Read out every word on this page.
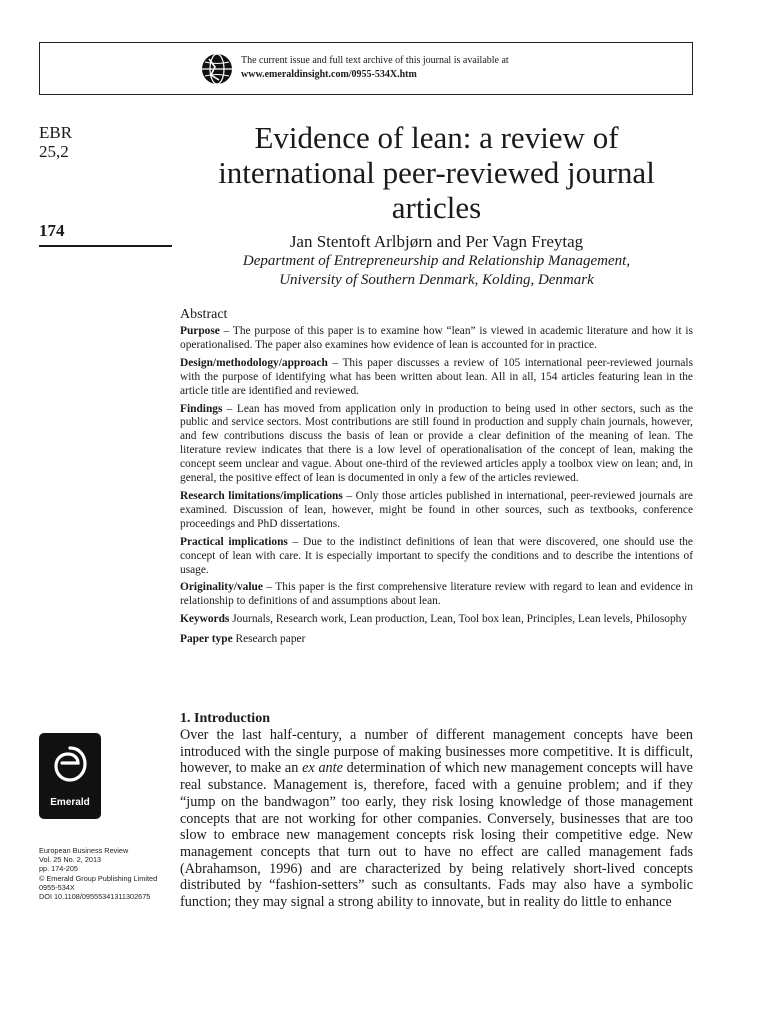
The current issue and full text archive of this journal is available at
www.emeraldinsight.com/0955-534X.htm
EBR
25,2
174
Evidence of lean: a review of international peer-reviewed journal articles
Jan Stentoft Arlbjørn and Per Vagn Freytag
Department of Entrepreneurship and Relationship Management,
University of Southern Denmark, Kolding, Denmark
Abstract

Purpose – The purpose of this paper is to examine how “lean” is viewed in academic literature and how it is operationalised. The paper also examines how evidence of lean is accounted for in practice.

Design/methodology/approach – This paper discusses a review of 105 international peer-reviewed journals with the purpose of identifying what has been written about lean. All in all, 154 articles featuring lean in the article title are identified and reviewed.

Findings – Lean has moved from application only in production to being used in other sectors, such as the public and service sectors. Most contributions are still found in production and supply chain journals, however, and few contributions discuss the basis of lean or provide a clear definition of the meaning of lean. The literature review indicates that there is a low level of operationalisation of the concept of lean, making the concept seem unclear and vague. About one-third of the reviewed articles apply a toolbox view on lean; and, in general, the positive effect of lean is documented in only a few of the articles reviewed.

Research limitations/implications – Only those articles published in international, peer-reviewed journals are examined. Discussion of lean, however, might be found in other sources, such as textbooks, conference proceedings and PhD dissertations.

Practical implications – Due to the indistinct definitions of lean that were discovered, one should use the concept of lean with care. It is especially important to specify the conditions and to describe the intentions of usage.

Originality/value – This paper is the first comprehensive literature review with regard to lean and evidence in relationship to definitions of and assumptions about lean.

Keywords Journals, Research work, Lean production, Lean, Tool box lean, Principles, Lean levels, Philosophy

Paper type Research paper

Emerald
European Business Review
Vol. 25 No. 2, 2013
pp. 174-205
© Emerald Group Publishing Limited
0955-534X
DOI 10.1108/09555341311302675
1. Introduction

Over the last half-century, a number of different management concepts have been introduced with the single purpose of making businesses more competitive. It is difficult, however, to make an ex ante determination of which new management concepts will have real substance. Management is, therefore, faced with a genuine problem; and if they “jump on the bandwagon” too early, they risk losing knowledge of those management concepts that are not working for other companies. Conversely, businesses that are too slow to embrace new management concepts risk losing their competitive edge. New management concepts that turn out to have no effect are called management fads (Abrahamson, 1996) and are characterized by being relatively short-lived concepts distributed by “fashion-setters” such as consultants. Fads may also have a symbolic function; they may signal a strong ability to innovate, but in reality do little to enhance
